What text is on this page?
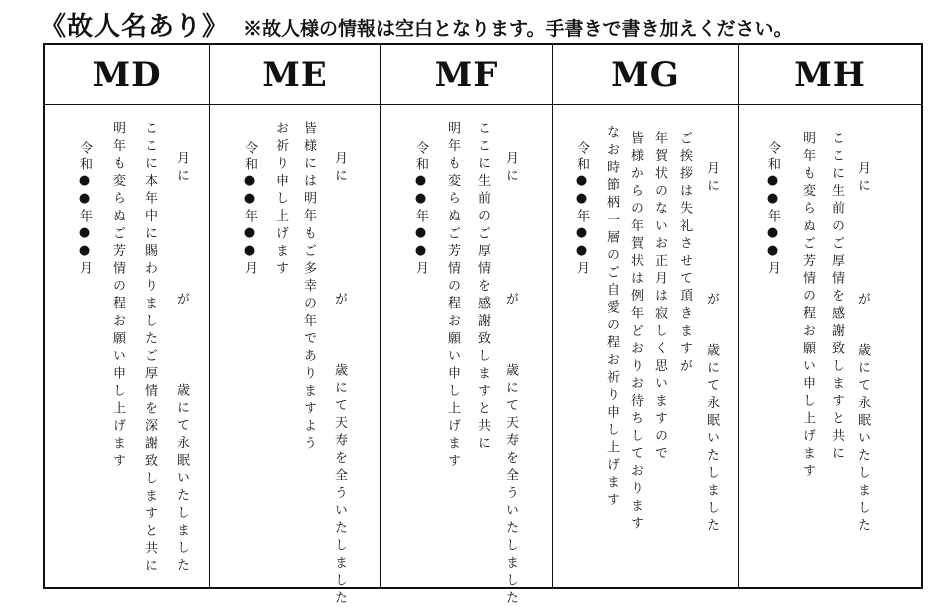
《故人名あり》 ※故人様の情報は空白となります。手書きで書き加えください。
MD
月に
が
歳にて永眠いたしました
ここに本年中に賜わりましたご厚情を深謝致しますと共に
明年も変らぬご芳情の程お願い申し上げます
令和●●年●●月
ME
月に
が
歳にて天寿を全ういたしました
皆様には明年もご多幸の年でありますよう
お祈り申し上げます
令和●●年●●月
MF
月に
が
歳にて天寿を全ういたしました
ここに生前のご厚情を感謝致しますと共に
明年も変らぬご芳情の程お願い申し上げます
令和●●年●●月
MG
月に
が
歳にて永眠いたしました
ご挨拶は失礼させて頂きますが
年賀状のないお正月は寂しく思いますので
皆様からの年賀状は例年どおりお待ちしております
なお時節柄一層のご自愛の程お祈り申し上げます
令和●●年●●月
MH
月に
が
歳にて永眠いたしました
ここに生前のご厚情を感謝致しますと共に
明年も変らぬご芳情の程お願い申し上げます
令和●●年●●月
